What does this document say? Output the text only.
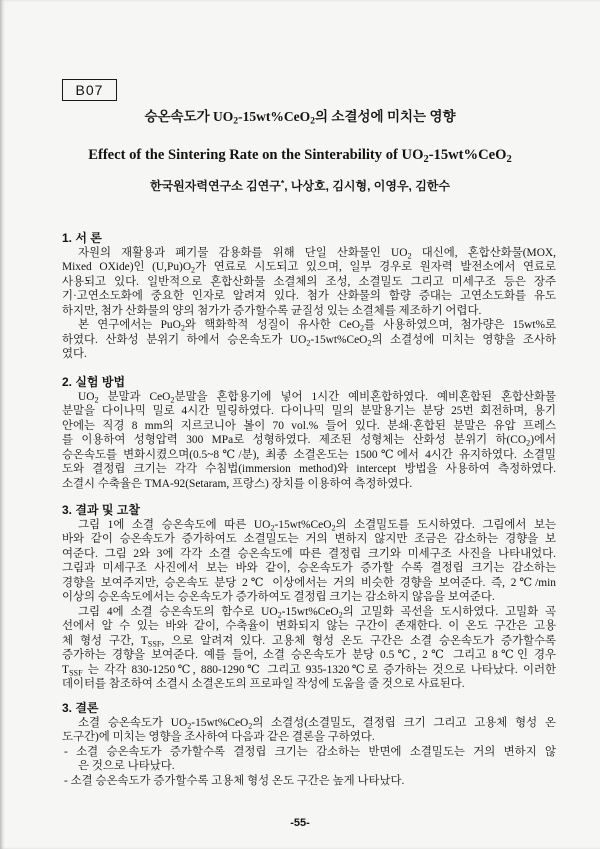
B07
승온속도가 $UO_2-15wt\%CeO_2$의 소결성에 미치는 영향
Effect of the Sintering Rate on the Sinterability of $UO_2-15wt\%CeO_2$
한국원자력연구소 김연구*, 나상호, 김시형, 이영우, 김한수
1. 서 론
자원의 재활용과 폐기물 감용화를 위해 단일 산화물인 $UO_2$ 대신에, 혼합산화물(MOX,
Mixed OXide)인 $(U,Pu)O_2$가 연료로 시도되고 있으며, 일부 경우로 원자력 발전소에서 연료로
사용되고 있다. 일반적으로 혼합산화물 소결체의 조성, 소결밀도 그리고 미세구조 등은 장주
기·고연소도화에 중요한 인자로 알려져 있다. 첨가 산화물의 함량 증대는 고연소도화를 유도
하지만, 첨가 산화물의 양의 첨가가 증가할수록 균질성 있는 소결체를 제조하기 어렵다.
본 연구에서는 PuO$_2$와 핵화학적 성질이 유사한 CeO$_2$를 사용하였으며, 첨가량은 15wt%로
하였다. 산화성 분위기 하에서 승온속도가 $UO_2-15wt\%CeO_2$의 소결성에 미치는 영향을 조사하
였다.
2. 실험 방법
$UO_2$ 분말과 CeO$_2$분말을 혼합용기에 넣어 1시간 예비혼합하였다. 예비혼합된 혼합산화물
분말을 다이나믹 밀로 4시간 밀링하였다. 다이나믹 밀의 분말용기는 분당 25번 회전하며, 용기
안에는 직경 8 mm의 지르코니아 볼이 70 vol.% 들어 있다. 분쇄·혼합된 분말은 유압 프레스
를 이용하여 성형압력 300 MPa로 성형하였다. 제조된 성형체는 산화성 분위기 하$(CO_2)$에서
승온속도를 변화시켰으며(0.5~8℃/분), 최종 소결온도는 1500℃에서 4시간 유지하였다. 소결밀
도와 결정립 크기는 각각 수침법(immersion method)와 intercept 방법을 사용하여 측정하였다.
소결시 수축율은 TMA-92(Setaram, 프랑스) 장치를 이용하여 측정하였다.
3. 결과 및 고찰
그림 1에 소결 승온속도에 따른 $UO_2-15wt\%CeO_2$의 소결밀도를 도시하였다. 그림에서 보는
바와 같이 승온속도가 증가하여도 소결밀도는 거의 변하지 않지만 조금은 감소하는 경향을 보
여준다. 그림 2와 3에 각각 소결 승온속도에 따른 결정립 크기와 미세구조 사진을 나타내었다.
그림과 미세구조 사진에서 보는 바와 같이, 승온속도가 증가할 수록 결정립 크기는 감소하는
경향을 보여주지만, 승온속도 분당 2℃ 이상에서는 거의 비슷한 경향을 보여준다. 즉, 2℃/min
이상의 승온속도에서는 승온속도가 증가하여도 결정립 크기는 감소하지 않음을 보여준다.
그림 4에 소결 승온속도의 함수로 $UO_2-15wt\%CeO_2$의 고밀화 곡선을 도시하였다. 고밀화 곡
선에서 알 수 있는 바와 같이, 수축율이 변화되지 않는 구간이 존재한다. 이 온도 구간은 고용
체 형성 구간, $T_{SSF}$, 으로 알려져 있다. 고용체 형성 온도 구간은 소결 승온속도가 증가할수록
증가하는 경향을 보여준다. 예를 들어, 소결 승온속도가 분당 0.5℃, 2℃ 그리고 8℃인 경우
$T_{SSF}$ 는 각각 830-1250℃, 880-1290℃ 그리고 935-1320℃로 증가하는 것으로 나타났다. 이러한
데이터를 참조하여 소결시 소결온도의 프로파일 작성에 도움을 줄 것으로 사료된다.
3. 결론
소결 승온속도가 $UO_2-15wt\%CeO_2$의 소결성(소결밀도, 결정립 크기 그리고 고용체 형성 온
도구간)에 미치는 영향을 조사하여 다음과 같은 결론을 구하였다.
- 소결 승온속도가 증가할수록 결정립 크기는 감소하는 반면에 소결밀도는 거의 변하지 않
은 것으로 나타났다.
- 소결 승온속도가 증가할수록 고용체 형성 온도 구간은 높게 나타났다.
-55-
